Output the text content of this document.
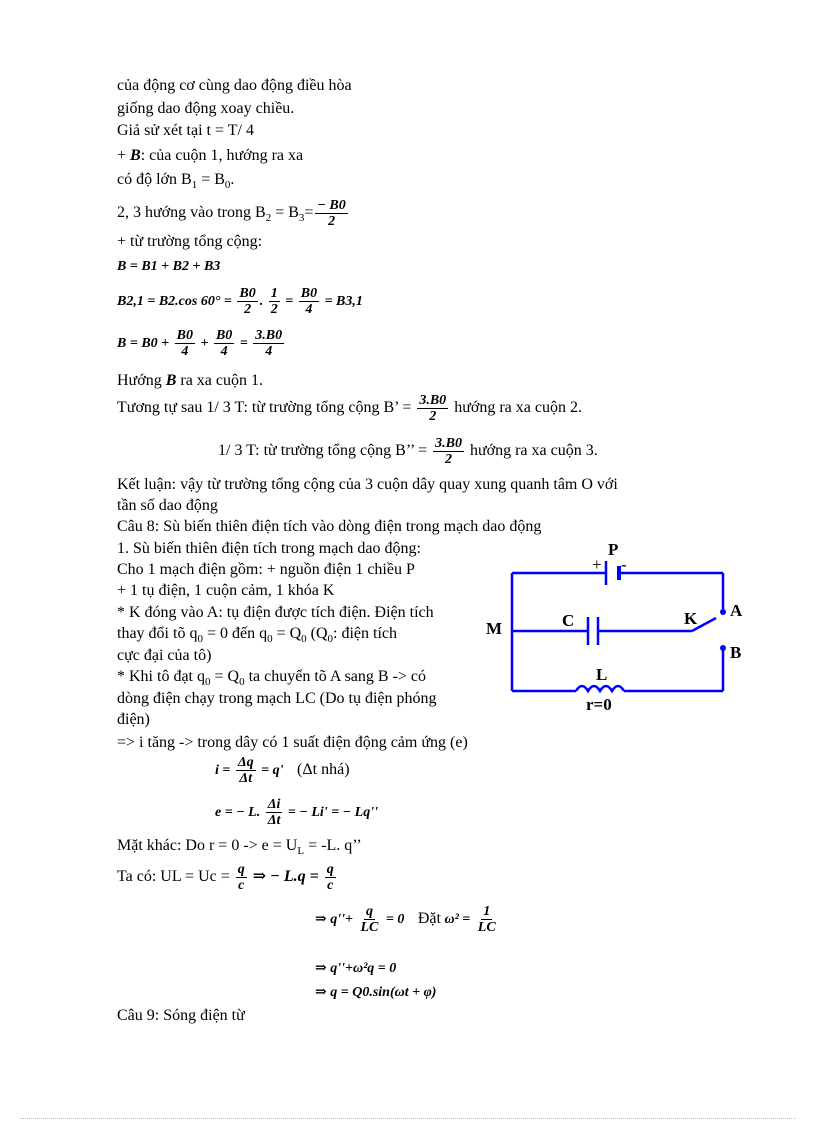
của động cơ cùng dao động điều hòa
giống dao động xoay chiều.
Giả sử xét tại t = T/ 4
+ B: của cuộn 1, hướng ra xa
có độ lớn $B_1 = B_0$.
2, 3 hướng vào trong $B_2 = B_3= \frac{- B0}{2}$
+ từ trường tổng cộng:
B = B1 + B2 + B3
B2,1 = B2.cos $60^\circ = \frac{B0}{2}$ . $\frac{1}{2} = \frac{B0}{4} = B3,1$
$B = B0 + \frac{B0}{4} + \frac{B0}{4} = \frac{3.B0}{4}$
Hướng B ra xa cuộn 1.
Tương tự sau 1/ 3 T: từ trường tổng cộng B’ = $\frac{3.B0}{2}$ hướng ra xa cuộn 2.
1/ 3 T: từ trường tổng cộng B’’ = $\frac{3.B0}{2}$ hướng ra xa cuộn 3.
Kết luận: vậy từ trường tổng cộng của 3 cuộn dây quay xung quanh tâm O với
tần số dao động
Câu 8: Sù biến thiên điện tích vào dòng điện trong mạch dao động
1. Sù biến thiên điện tích trong mạch dao động:
Cho 1 mạch điện gồm: + nguồn điện 1 chiều P
+ 1 tụ điện, 1 cuộn cảm, 1 khóa K
* K đóng vào A: tụ điện được tích điện. Điện tích
thay đổi tõ $q_0 = 0$ đến $q_0 = Q_0$ ($Q_0$: điện tích
cực đại của tô)
* Khi tô đạt $q_0 = Q_0$ ta chuyển tõ A sang B -> có
dòng điện chạy trong mạch LC (Do tụ điện phóng
điện)
=> i tăng -> trong dây có 1 suất điện động cảm ứng (e)
$i = \frac{\Delta q}{\Delta t} = q'$ (Δt nhá)
e = − L. $\frac{\Delta i}{\Delta t}$ = − Li' = − Lq''
Mặt khác: Do $r = 0 -> e = U_L = -L$. q’’
Ta có: UL = $Uc = \frac{q}{c}$ ⇒ − $L.q = \frac{q}{c}$
⇒ $q''+ \frac{q}{LC} = 0$ Đặt $\omega^2 = \frac{1}{LC}$
⇒ q''+ω²q = 0
⇒ q = Q0.sin(ωt + φ)
Câu 9: Sóng điện từ
P
+ -
C	K A
M
B
L
r=0
